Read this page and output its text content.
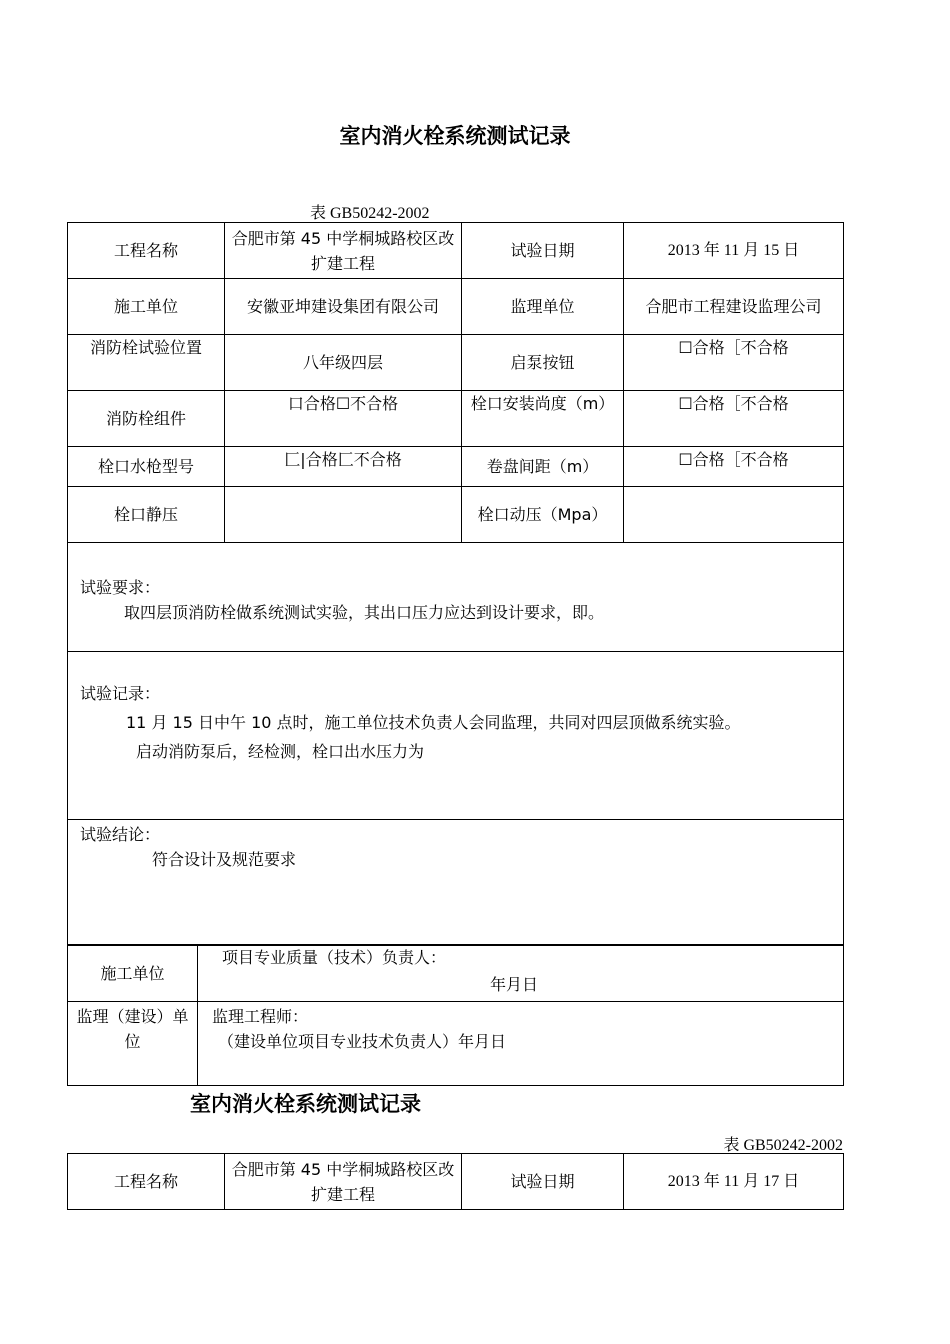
室内消火栓系统测试记录
表 GB50242-2002
工程名称	合肥市第 45 中学桐城路校区改扩建工程	试验日期	2013 年 11 月 15 日
施工单位	安徽亚坤建设集团有限公司	监理单位	合肥市工程建设监理公司
消防栓试验位置	八年级四层	启泵按钮	☐合格［不合格
消防栓组件	口合格☐不合格	栓口安装尚度（m）	☐合格［不合格
栓口水枪型号	匚|合格匚不合格	卷盘间距（m）	☐合格［不合格
栓口静压		栓口动压（Mpa）	

试验要求：
取四层顶消防栓做系统测试实验，其出口压力应达到设计要求，即。			

试验记录：
11 月 15 日中午 10 点时，施工单位技术负责人会同监理，共同对四层顶做系统实验。
启动消防泵后，经检测，栓口出水压力为			

试验结论：
符合设计及规范要求			
施工单位	项目专业质量（技术）负责人：
年月日

监理（建设）单位	监理工程师：
（建设单位项目专业技术负责人）年月日
室内消火栓系统测试记录
表 GB50242-2002
工程名称	合肥市第 45 中学桐城路校区改扩建工程	试验日期	2013 年 11 月 17 日
